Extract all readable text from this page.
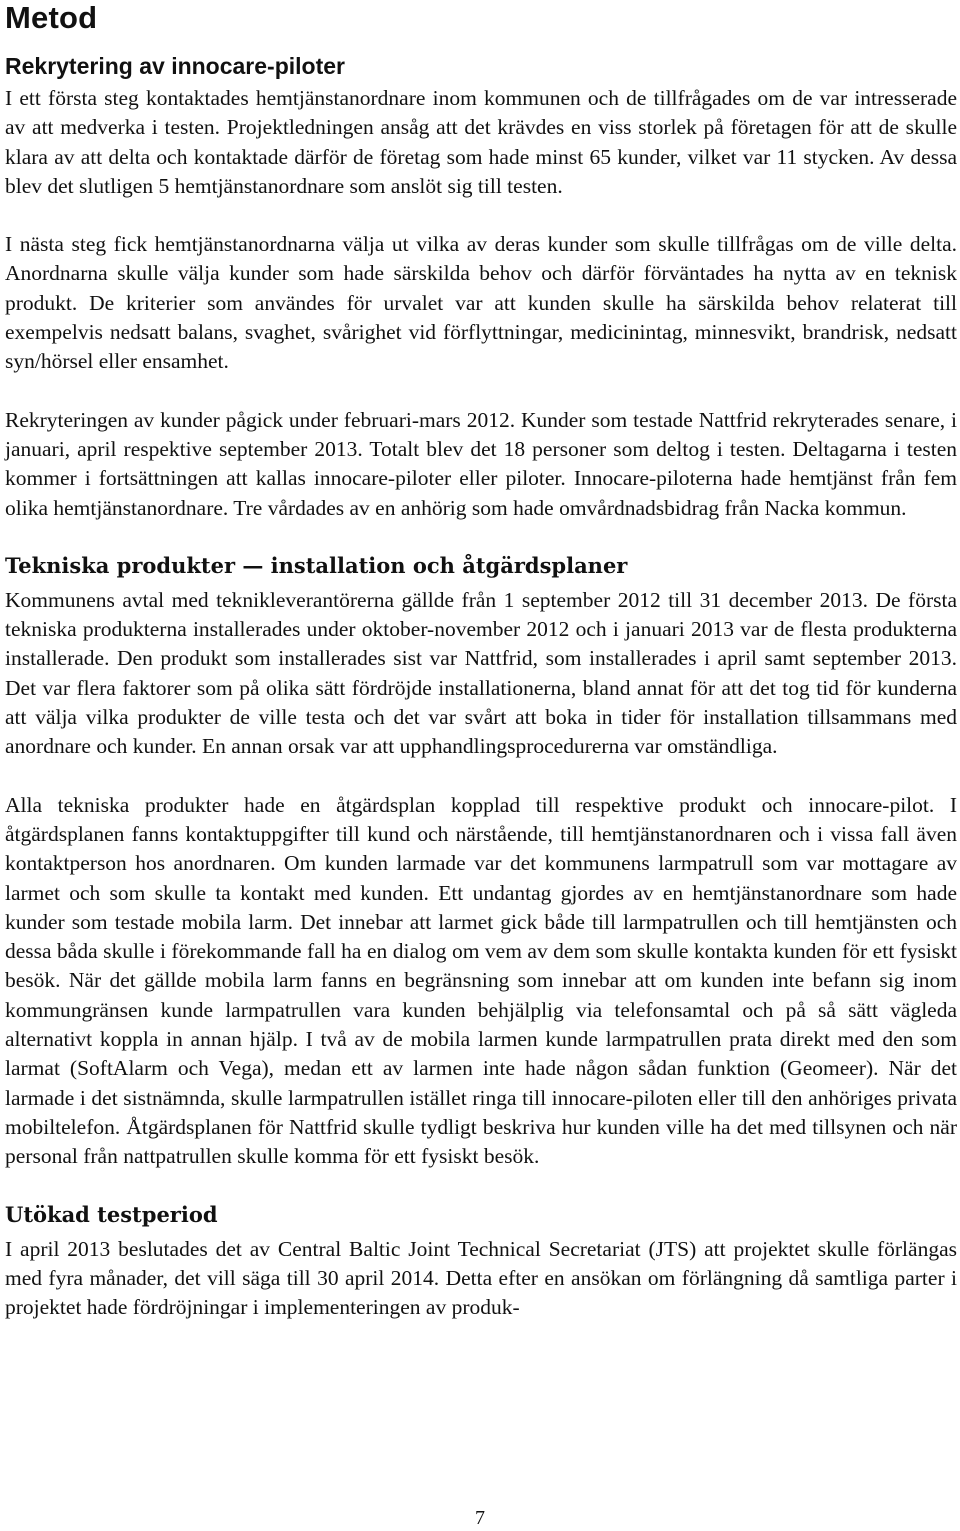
Metod
Rekrytering av innocare-piloter

I ett första steg kontaktades hemtjänstanordnare inom kommunen och de tillfrågades om de var intresserade av att medverka i testen. Projektledningen ansåg att det krävdes en viss storlek på företagen för att de skulle klara av att delta och kontaktade därför de företag som hade minst 65 kunder, vilket var 11 stycken. Av dessa blev det slutligen 5 hemtjänstanordnare som anslöt sig till testen.

I nästa steg fick hemtjänstanordnarna välja ut vilka av deras kunder som skulle tillfrågas om de ville delta. Anordnarna skulle välja kunder som hade särskilda behov och därför förväntades ha nytta av en teknisk produkt. De kriterier som användes för urvalet var att kunden skulle ha särskilda behov relaterat till exempelvis nedsatt balans, svaghet, svårighet vid förflyttningar, medicinintag, minnesvikt, brandrisk, nedsatt syn/hörsel eller ensamhet.

Rekryteringen av kunder pågick under februari-mars 2012. Kunder som testade Nattfrid rekryterades senare, i januari, april respektive september 2013. Totalt blev det 18 personer som deltog i testen. Deltagarna i testen kommer i fortsättningen att kallas innocare-piloter eller piloter. Innocare-piloterna hade hemtjänst från fem olika hemtjänstanordnare. Tre vårdades av en anhörig som hade omvårdnadsbidrag från Nacka kommun.

Tekniska produkter — installation och åtgärdsplaner

Kommunens avtal med teknikleverantörerna gällde från 1 september 2012 till 31 december 2013. De första tekniska produkterna installerades under oktober-november 2012 och i januari 2013 var de flesta produkterna installerade. Den produkt som installerades sist var Nattfrid, som installerades i april samt september 2013. Det var flera faktorer som på olika sätt fördröjde installationerna, bland annat för att det tog tid för kunderna att välja vilka produkter de ville testa och det var svårt att boka in tider för installation tillsammans med anordnare och kunder. En annan orsak var att upphandlingsprocedurerna var omständliga.

Alla tekniska produkter hade en åtgärdsplan kopplad till respektive produkt och innocare-pilot. I åtgärdsplanen fanns kontaktuppgifter till kund och närstående, till hemtjänstanordnaren och i vissa fall även kontaktperson hos anordnaren. Om kunden larmade var det kommunens larmpatrull som var mottagare av larmet och som skulle ta kontakt med kunden. Ett undantag gjordes av en hemtjänstanordnare som hade kunder som testade mobila larm. Det innebar att larmet gick både till larmpatrullen och till hemtjänsten och dessa båda skulle i förekommande fall ha en dialog om vem av dem som skulle kontakta kunden för ett fysiskt besök. När det gällde mobila larm fanns en begränsning som innebar att om kunden inte befann sig inom kommungränsen kunde larmpatrullen vara kunden behjälplig via telefonsamtal och på så sätt vägleda alternativt koppla in annan hjälp. I två av de mobila larmen kunde larmpatrullen prata direkt med den som larmat (SoftAlarm och Vega), medan ett av larmen inte hade någon sådan funktion (Geomeer). När det larmade i det sistnämnda, skulle larmpatrullen istället ringa till innocare-piloten eller till den anhöriges privata mobiltelefon. Åtgärdsplanen för Nattfrid skulle tydligt beskriva hur kunden ville ha det med tillsynen och när personal från nattpatrullen skulle komma för ett fysiskt besök.

Utökad testperiod

I april 2013 beslutades det av Central Baltic Joint Technical Secretariat (JTS) att projektet skulle förlängas med fyra månader, det vill säga till 30 april 2014. Detta efter en ansökan om förlängning då samtliga parter i projektet hade fördröjningar i implementeringen av produk-

7
